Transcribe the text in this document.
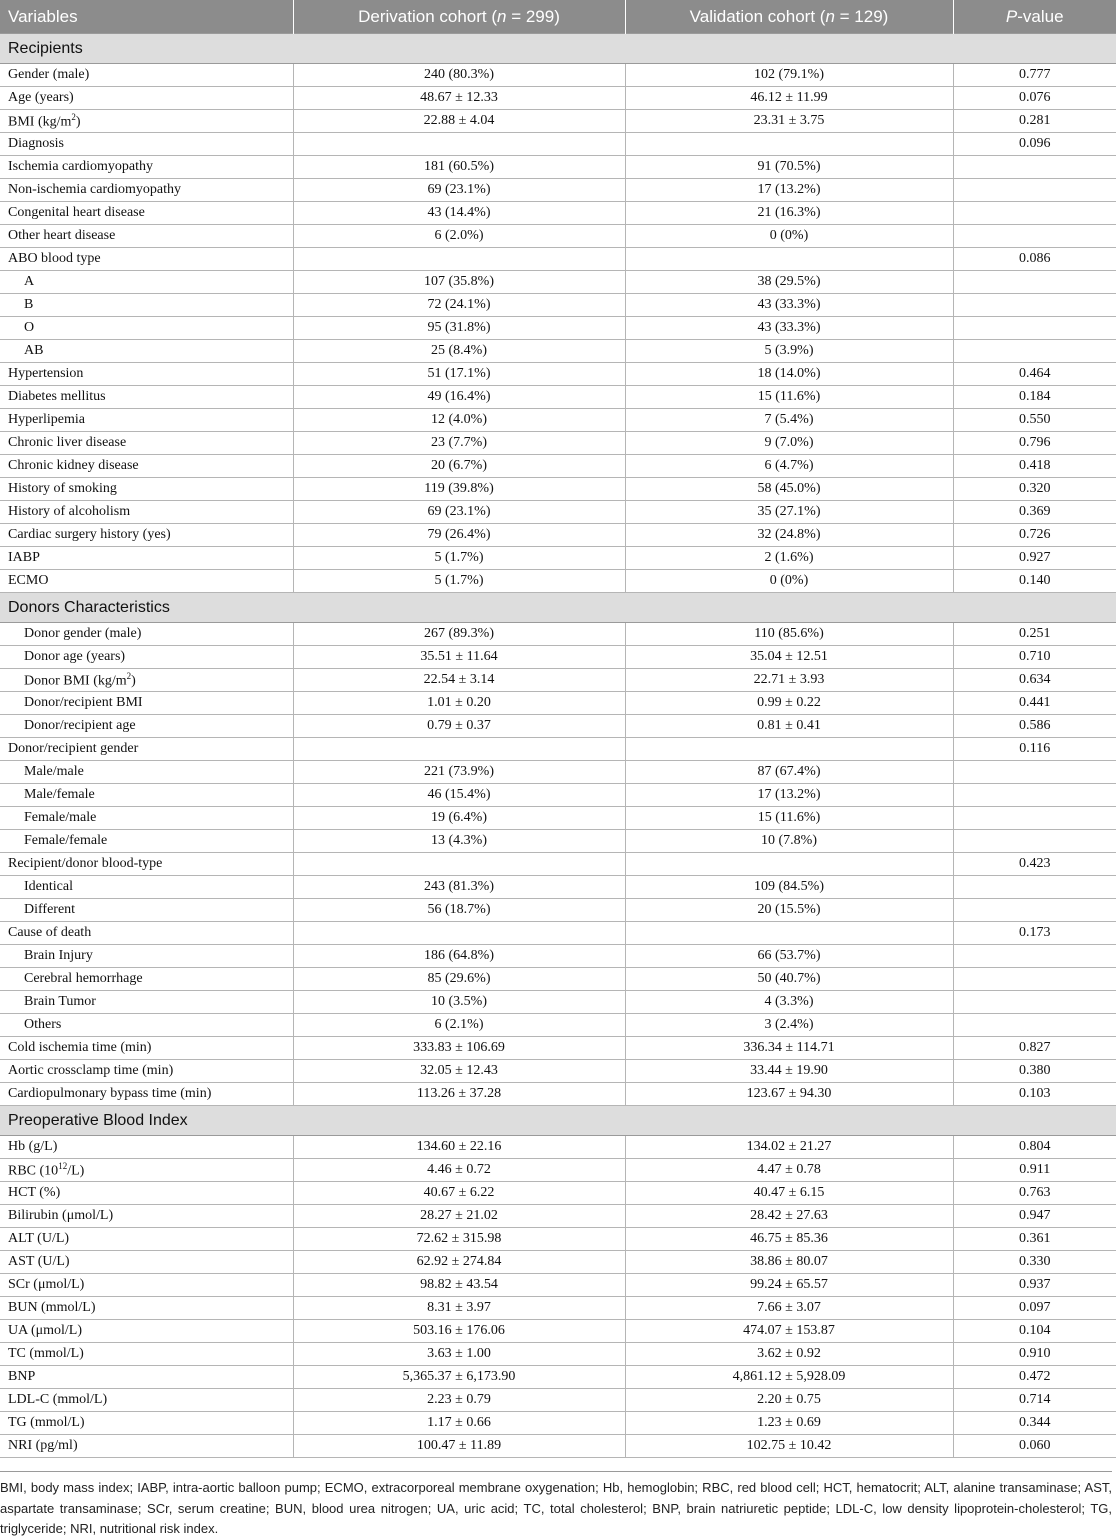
Variables	Derivation cohort (n = 299)	Validation cohort (n = 129)	P-value
Recipients			
Gender (male)	240 (80.3%)	102 (79.1%)	0.777
Age (years)	48.67 ± 12.33	46.12 ± 11.99	0.076
BMI $(kg/m^2)$	22.88 ± 4.04	23.31 ± 3.75	0.281
Diagnosis			0.096
Ischemia cardiomyopathy	181 (60.5%)	91 (70.5%)	
Non-ischemia cardiomyopathy	69 (23.1%)	17 (13.2%)	
Congenital heart disease	43 (14.4%)	21 (16.3%)	
Other heart disease	6 (2.0%)	0 (0%)	
ABO blood type			0.086
A	107 (35.8%)	38 (29.5%)	
B	72 (24.1%)	43 (33.3%)	
O	95 (31.8%)	43 (33.3%)	
AB	25 (8.4%)	5 (3.9%)	
Hypertension	51 (17.1%)	18 (14.0%)	0.464
Diabetes mellitus	49 (16.4%)	15 (11.6%)	0.184
Hyperlipemia	12 (4.0%)	7 (5.4%)	0.550
Chronic liver disease	23 (7.7%)	9 (7.0%)	0.796
Chronic kidney disease	20 (6.7%)	6 (4.7%)	0.418
History of smoking	119 (39.8%)	58 (45.0%)	0.320
History of alcoholism	69 (23.1%)	35 (27.1%)	0.369
Cardiac surgery history (yes)	79 (26.4%)	32 (24.8%)	0.726
IABP	5 (1.7%)	2 (1.6%)	0.927
ECMO	5 (1.7%)	0 (0%)	0.140
Donors Characteristics			
Donor gender (male)	267 (89.3%)	110 (85.6%)	0.251
Donor age (years)	35.51 ± 11.64	35.04 ± 12.51	0.710
Donor BMI $(kg/m^2)$	22.54 ± 3.14	22.71 ± 3.93	0.634
Donor/recipient BMI	1.01 ± 0.20	0.99 ± 0.22	0.441
Donor/recipient age	0.79 ± 0.37	0.81 ± 0.41	0.586
Donor/recipient gender			0.116
Male/male	221 (73.9%)	87 (67.4%)	
Male/female	46 (15.4%)	17 (13.2%)	
Female/male	19 (6.4%)	15 (11.6%)	
Female/female	13 (4.3%)	10 (7.8%)	
Recipient/donor blood-type			0.423
Identical	243 (81.3%)	109 (84.5%)	
Different	56 (18.7%)	20 (15.5%)	
Cause of death			0.173
Brain Injury	186 (64.8%)	66 (53.7%)	
Cerebral hemorrhage	85 (29.6%)	50 (40.7%)	
Brain Tumor	10 (3.5%)	4 (3.3%)	
Others	6 (2.1%)	3 (2.4%)	
Cold ischemia time (min)	333.83 ± 106.69	336.34 ± 114.71	0.827
Aortic crossclamp time (min)	32.05 ± 12.43	33.44 ± 19.90	0.380
Cardiopulmonary bypass time (min)	113.26 ± 37.28	123.67 ± 94.30	0.103
Preoperative Blood Index			
Hb (g/L)	134.60 ± 22.16	134.02 ± 21.27	0.804
RBC $(10^{12}/L)$	4.46 ± 0.72	4.47 ± 0.78	0.911
HCT (%)	40.67 ± 6.22	40.47 ± 6.15	0.763
Bilirubin (μmol/L)	28.27 ± 21.02	28.42 ± 27.63	0.947
ALT (U/L)	72.62 ± 315.98	46.75 ± 85.36	0.361
AST (U/L)	62.92 ± 274.84	38.86 ± 80.07	0.330
SCr (μmol/L)	98.82 ± 43.54	99.24 ± 65.57	0.937
BUN (mmol/L)	8.31 ± 3.97	7.66 ± 3.07	0.097
UA (μmol/L)	503.16 ± 176.06	474.07 ± 153.87	0.104
TC (mmol/L)	3.63 ± 1.00	3.62 ± 0.92	0.910
BNP	5,365.37 ± 6,173.90	4,861.12 ± 5,928.09	0.472
LDL-C (mmol/L)	2.23 ± 0.79	2.20 ± 0.75	0.714
TG (mmol/L)	1.17 ± 0.66	1.23 ± 0.69	0.344
NRI (pg/ml)	100.47 ± 11.89	102.75 ± 10.42	0.060
BMI, body mass index; IABP, intra-aortic balloon pump; ECMO, extracorporeal membrane oxygenation; Hb, hemoglobin; RBC, red blood cell; HCT, hematocrit; ALT, alanine transaminase; AST, aspartate transaminase; SCr, serum creatine; BUN, blood urea nitrogen; UA, uric acid; TC, total cholesterol; BNP, brain natriuretic peptide; LDL-C, low density lipoprotein-cholesterol; TG, triglyceride; NRI, nutritional risk index.
